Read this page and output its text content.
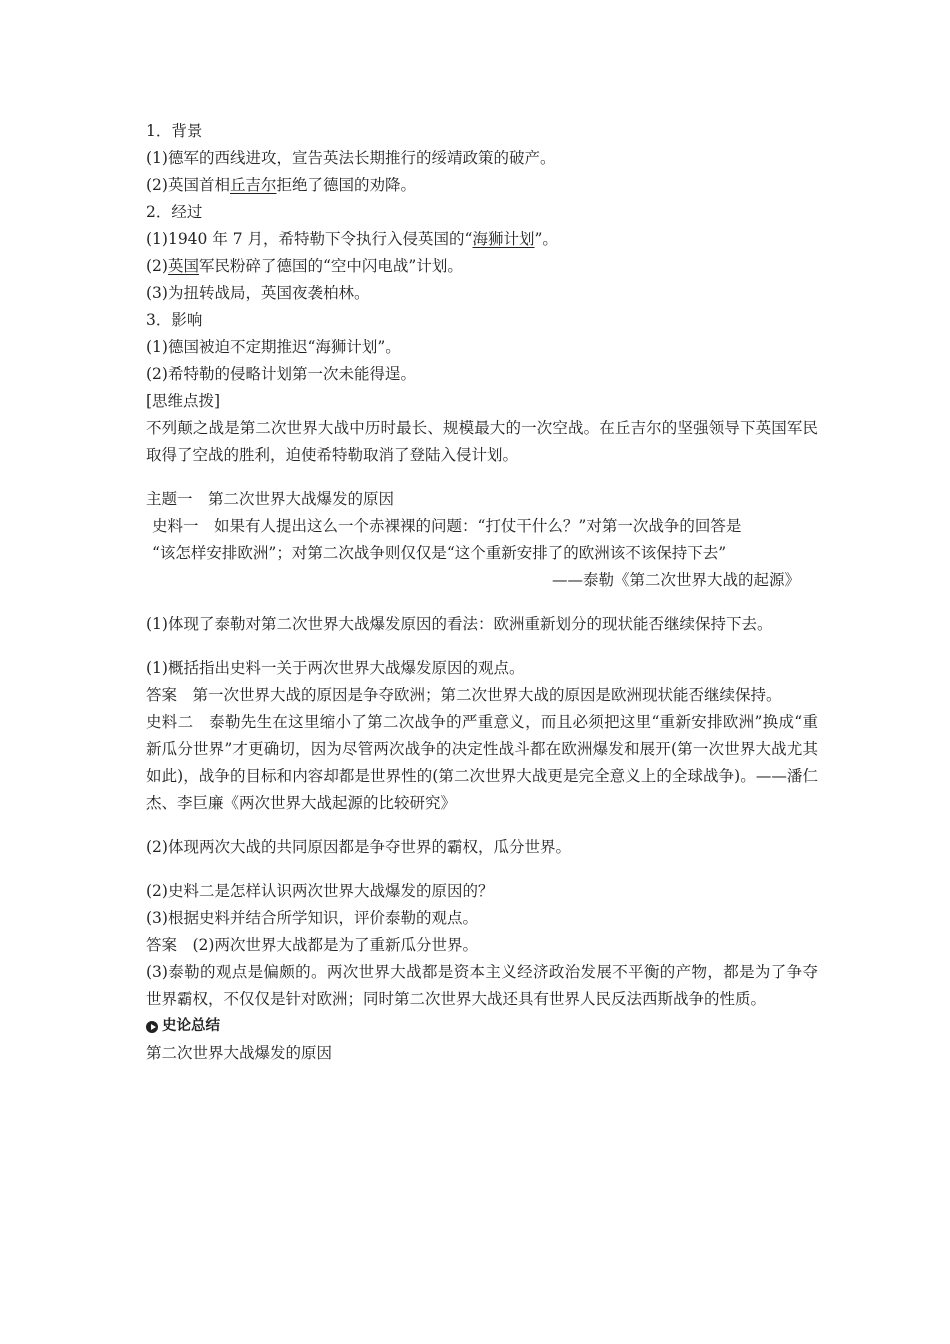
1．背景
(1)德军的西线进攻，宣告英法长期推行的绥靖政策的破产。
(2)英国首相丘吉尔拒绝了德国的劝降。
2．经过
(1)1940 年 7 月，希特勒下令执行入侵英国的“海狮计划”。
(2)英国军民粉碎了德国的“空中闪电战”计划。
(3)为扭转战局，英国夜袭柏林。
3．影响
(1)德国被迫不定期推迟“海狮计划”。
(2)希特勒的侵略计划第一次未能得逞。
[思维点拨]
不列颠之战是第二次世界大战中历时最长、规模最大的一次空战。在丘吉尔的坚强领导下英国军民取得了空战的胜利，迫使希特勒取消了登陆入侵计划。
主题一　第二次世界大战爆发的原因
史料一　如果有人提出这么一个赤裸裸的问题：“打仗干什么？”对第一次战争的回答是
“该怎样安排欧洲”；对第二次战争则仅仅是“这个重新安排了的欧洲该不该保持下去”
——泰勒《第二次世界大战的起源》
(1)体现了泰勒对第二次世界大战爆发原因的看法：欧洲重新划分的现状能否继续保持下去。
(1)概括指出史料一关于两次世界大战爆发原因的观点。
答案　第一次世界大战的原因是争夺欧洲；第二次世界大战的原因是欧洲现状能否继续保持。
史料二　泰勒先生在这里缩小了第二次战争的严重意义，而且必须把这里“重新安排欧洲”换成“重新瓜分世界”才更确切，因为尽管两次战争的决定性战斗都在欧洲爆发和展开(第一次世界大战尤其如此)，战争的目标和内容却都是世界性的(第二次世界大战更是完全意义上的全球战争)。——潘仁杰、李巨廉《两次世界大战起源的比较研究》
(2)体现两次大战的共同原因都是争夺世界的霸权，瓜分世界。
(2)史料二是怎样认识两次世界大战爆发的原因的？
(3)根据史料并结合所学知识，评价泰勒的观点。
答案　(2)两次世界大战都是为了重新瓜分世界。
(3)泰勒的观点是偏颇的。两次世界大战都是资本主义经济政治发展不平衡的产物，都是为了争夺世界霸权，不仅仅是针对欧洲；同时第二次世界大战还具有世界人民反法西斯战争的性质。
史论总结
第二次世界大战爆发的原因
